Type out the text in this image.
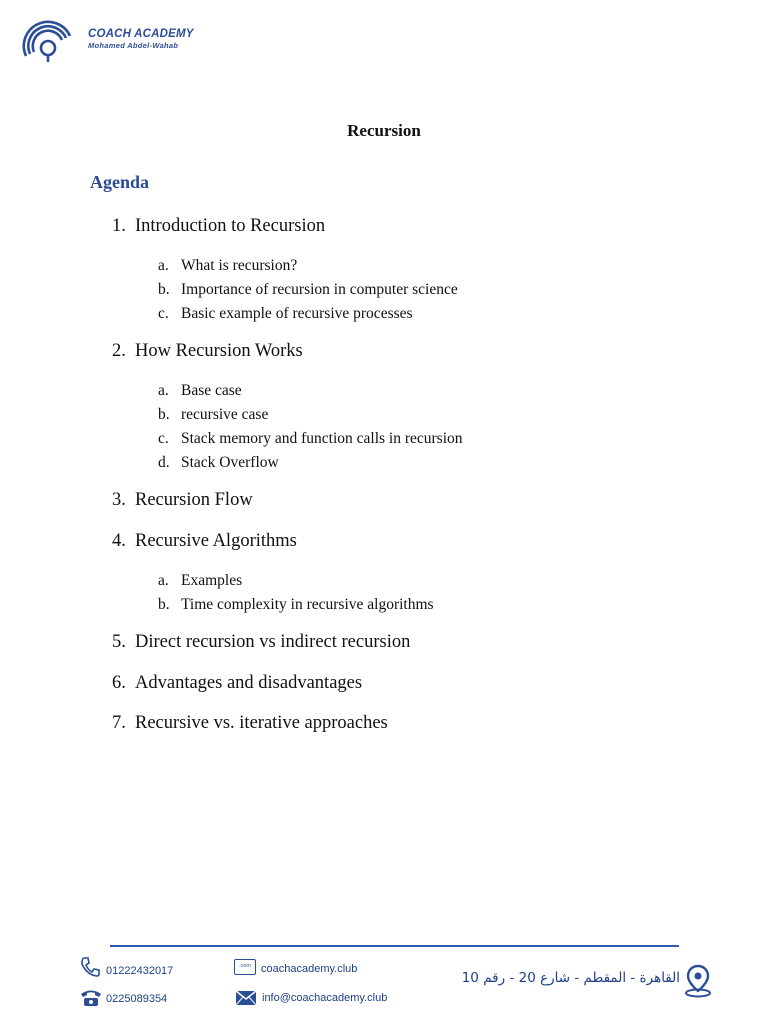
COACH ACADEMY
Mohamed Abdel-Wahab
Recursion
Agenda
1. Introduction to Recursion
a. What is recursion?
b. Importance of recursion in computer science
c. Basic example of recursive processes
2. How Recursion Works
a. Base case
b. recursive case
c. Stack memory and function calls in recursion
d. Stack Overflow
3. Recursion Flow
4. Recursive Algorithms
a. Examples
b. Time complexity in recursive algorithms
5. Direct recursion vs indirect recursion
6. Advantages and disadvantages
7. Recursive vs. iterative approaches
01222432017
0225089354
.com coachacademy.club
info@coachacademy.club
القاهرة - المقطم - شارع 20 - رقم 10
